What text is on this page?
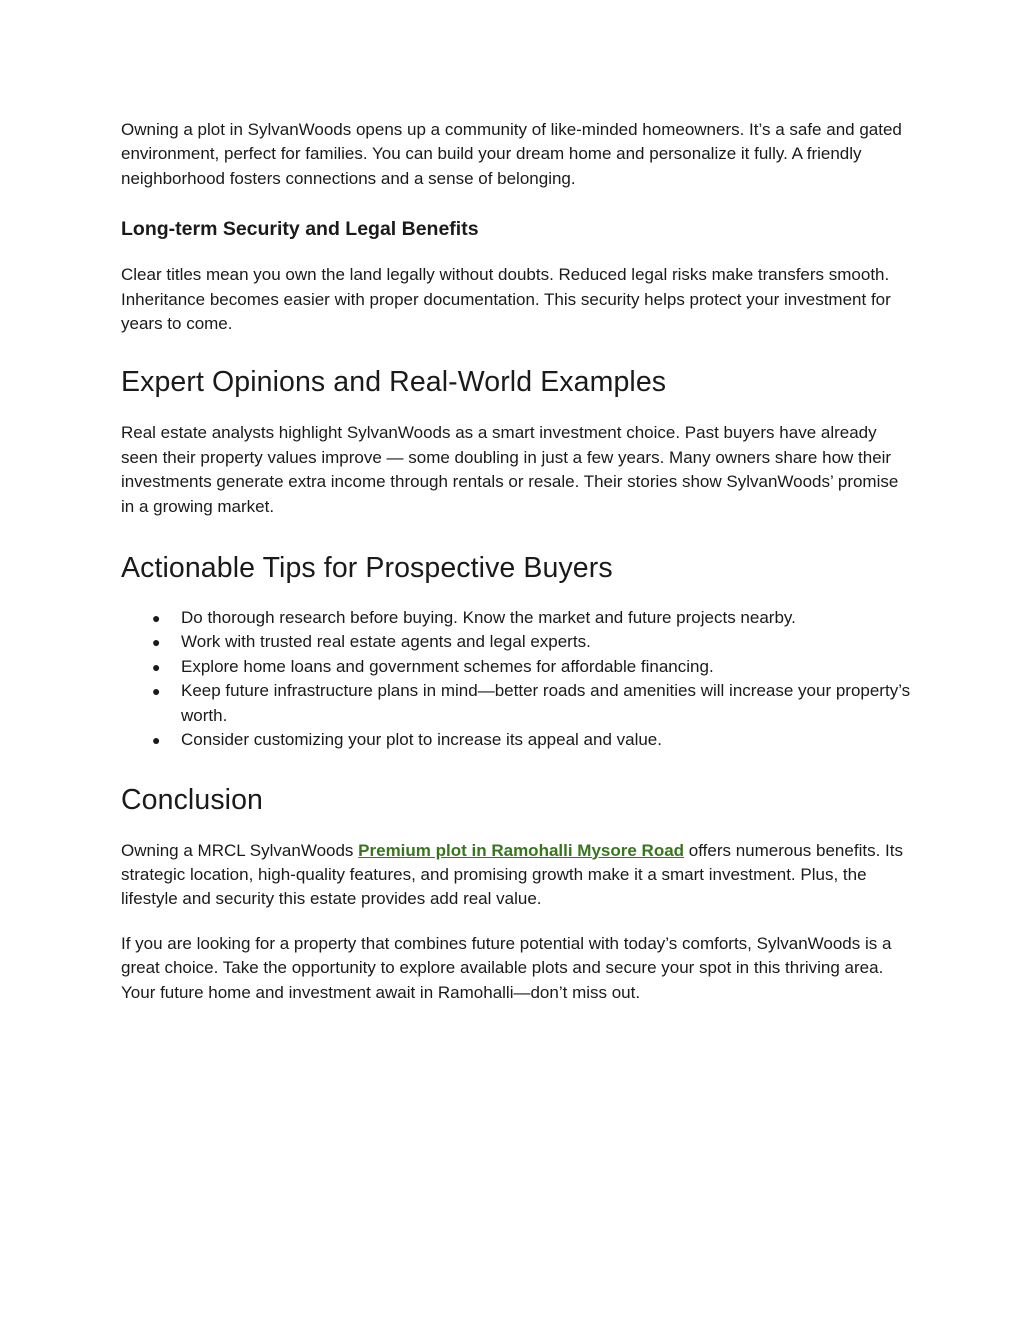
Owning a plot in SylvanWoods opens up a community of like-minded homeowners. It’s a safe and gated environment, perfect for families. You can build your dream home and personalize it fully. A friendly neighborhood fosters connections and a sense of belonging.

Long-term Security and Legal Benefits

Clear titles mean you own the land legally without doubts. Reduced legal risks make transfers smooth. Inheritance becomes easier with proper documentation. This security helps protect your investment for years to come.

Expert Opinions and Real-World Examples

Real estate analysts highlight SylvanWoods as a smart investment choice. Past buyers have already seen their property values improve — some doubling in just a few years. Many owners share how their investments generate extra income through rentals or resale. Their stories show SylvanWoods’ promise in a growing market.

Actionable Tips for Prospective Buyers
● Do thorough research before buying. Know the market and future projects nearby.
● Work with trusted real estate agents and legal experts.
● Explore home loans and government schemes for affordable financing.
● Keep future infrastructure plans in mind—better roads and amenities will increase your property’s worth.
● Consider customizing your plot to increase its appeal and value.
Conclusion

Owning a MRCL SylvanWoods Premium plot in Ramohalli Mysore Road offers numerous benefits. Its strategic location, high-quality features, and promising growth make it a smart investment. Plus, the lifestyle and security this estate provides add real value.

If you are looking for a property that combines future potential with today’s comforts, SylvanWoods is a great choice. Take the opportunity to explore available plots and secure your spot in this thriving area. Your future home and investment await in Ramohalli—don’t miss out.
